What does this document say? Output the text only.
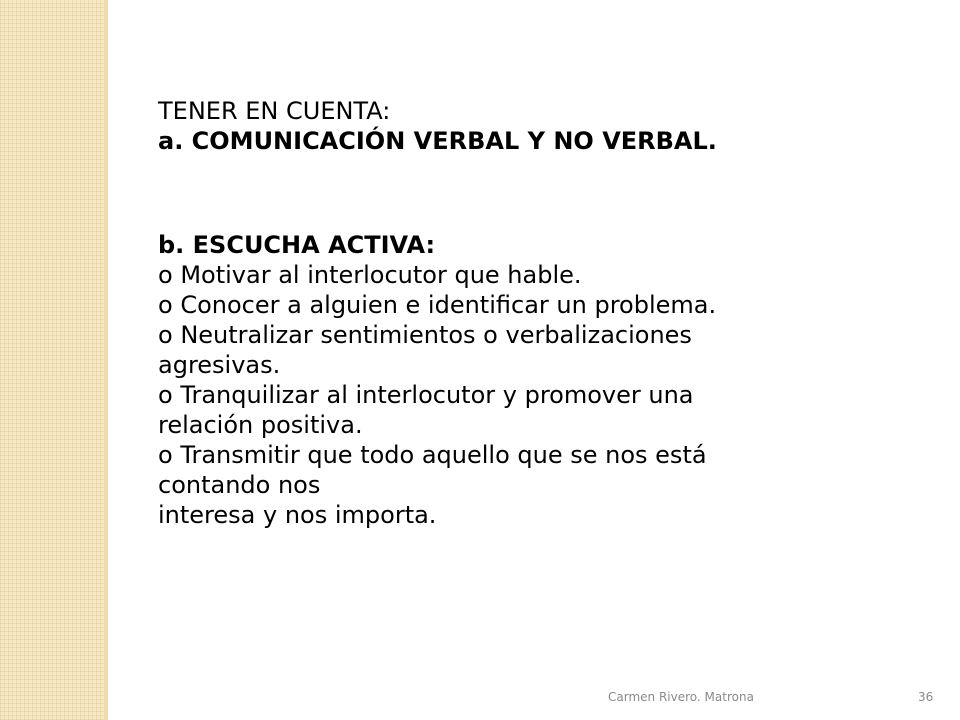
TENER EN CUENTA:
a. COMUNICACIÓN VERBAL Y NO VERBAL.
b. ESCUCHA ACTIVA:
o Motivar al interlocutor que hable.
o Conocer a alguien e identificar un problema.
o Neutralizar sentimientos o verbalizaciones
agresivas.
o Tranquilizar al interlocutor y promover una
relación positiva.
o Transmitir que todo aquello que se nos está
contando nos
interesa y nos importa.
Carmen Rivero. Matrona	36
